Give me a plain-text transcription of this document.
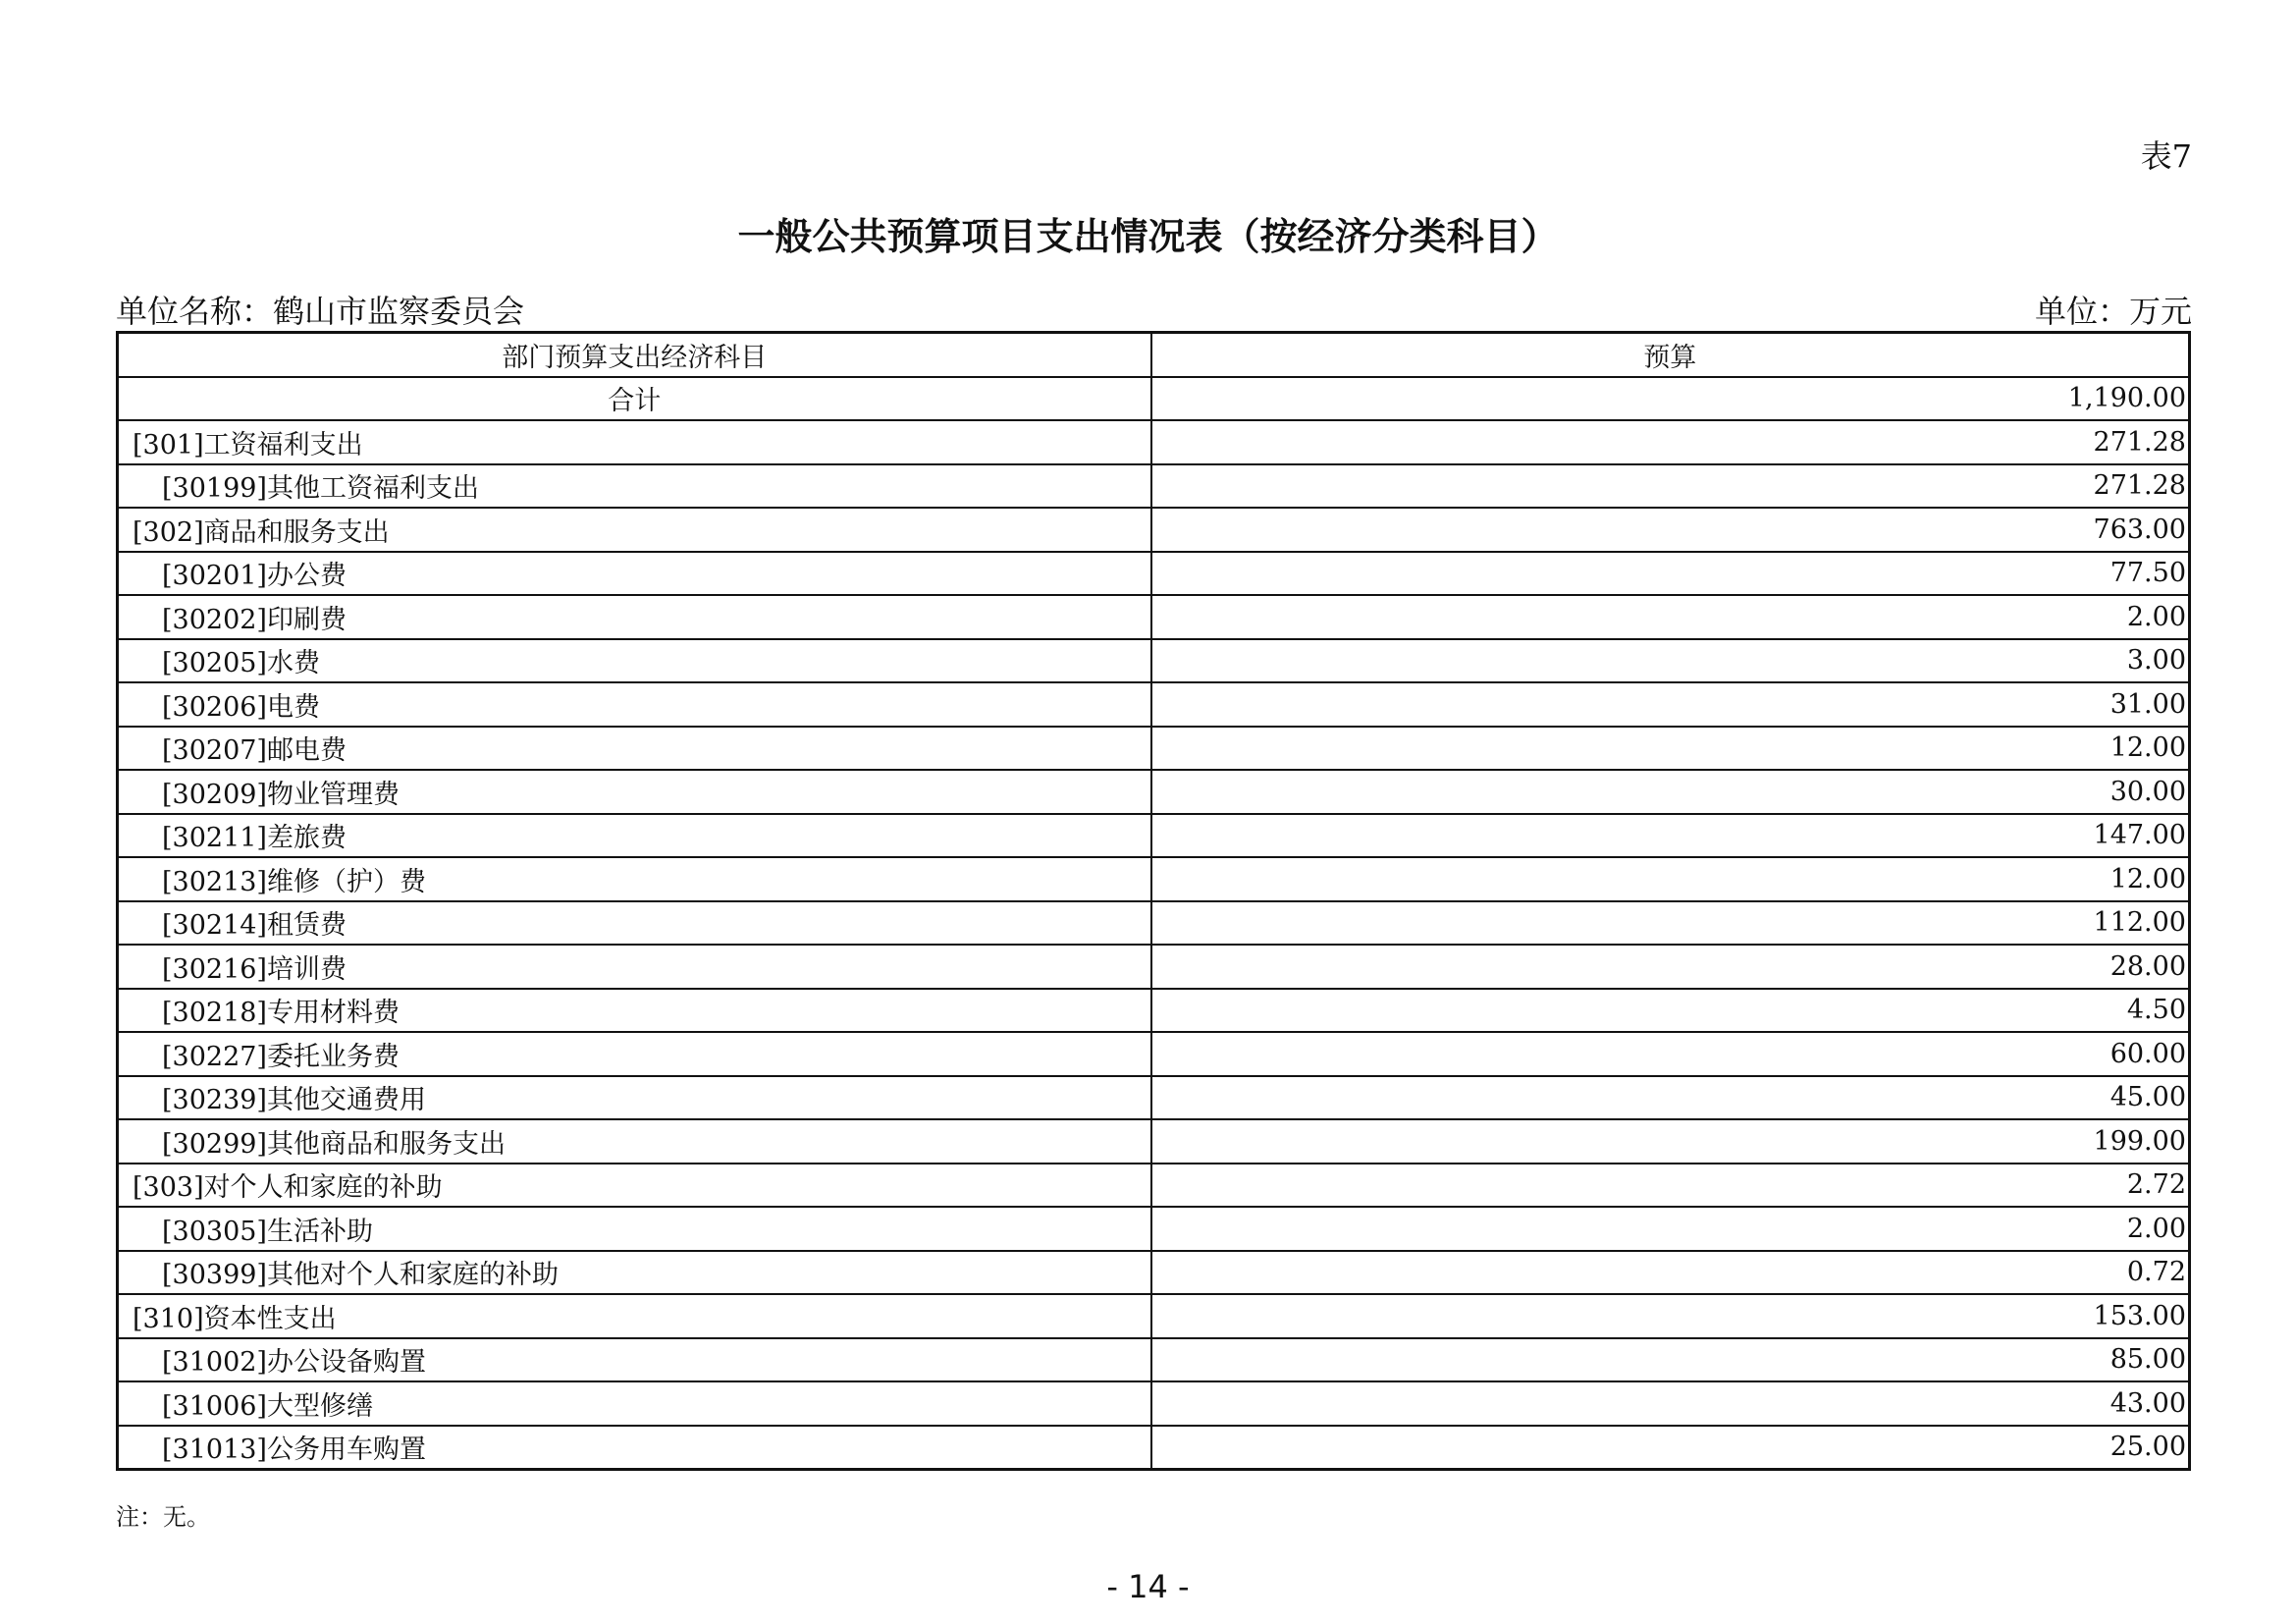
表7
一般公共预算项目支出情况表（按经济分类科目）
单位名称：鹤山市监察委员会	单位：万元
部门预算支出经济科目	预算
合计	1,190.00
[301]工资福利支出	271.28
[30199]其他工资福利支出	271.28
[302]商品和服务支出	763.00
[30201]办公费	77.50
[30202]印刷费	2.00
[30205]水费	3.00
[30206]电费	31.00
[30207]邮电费	12.00
[30209]物业管理费	30.00
[30211]差旅费	147.00
[30213]维修（护）费	12.00
[30214]租赁费	112.00
[30216]培训费	28.00
[30218]专用材料费	4.50
[30227]委托业务费	60.00
[30239]其他交通费用	45.00
[30299]其他商品和服务支出	199.00
[303]对个人和家庭的补助	2.72
[30305]生活补助	2.00
[30399]其他对个人和家庭的补助	0.72
[310]资本性支出	153.00
[31002]办公设备购置	85.00
[31006]大型修缮	43.00
[31013]公务用车购置	25.00
注：无。
- 14 -
